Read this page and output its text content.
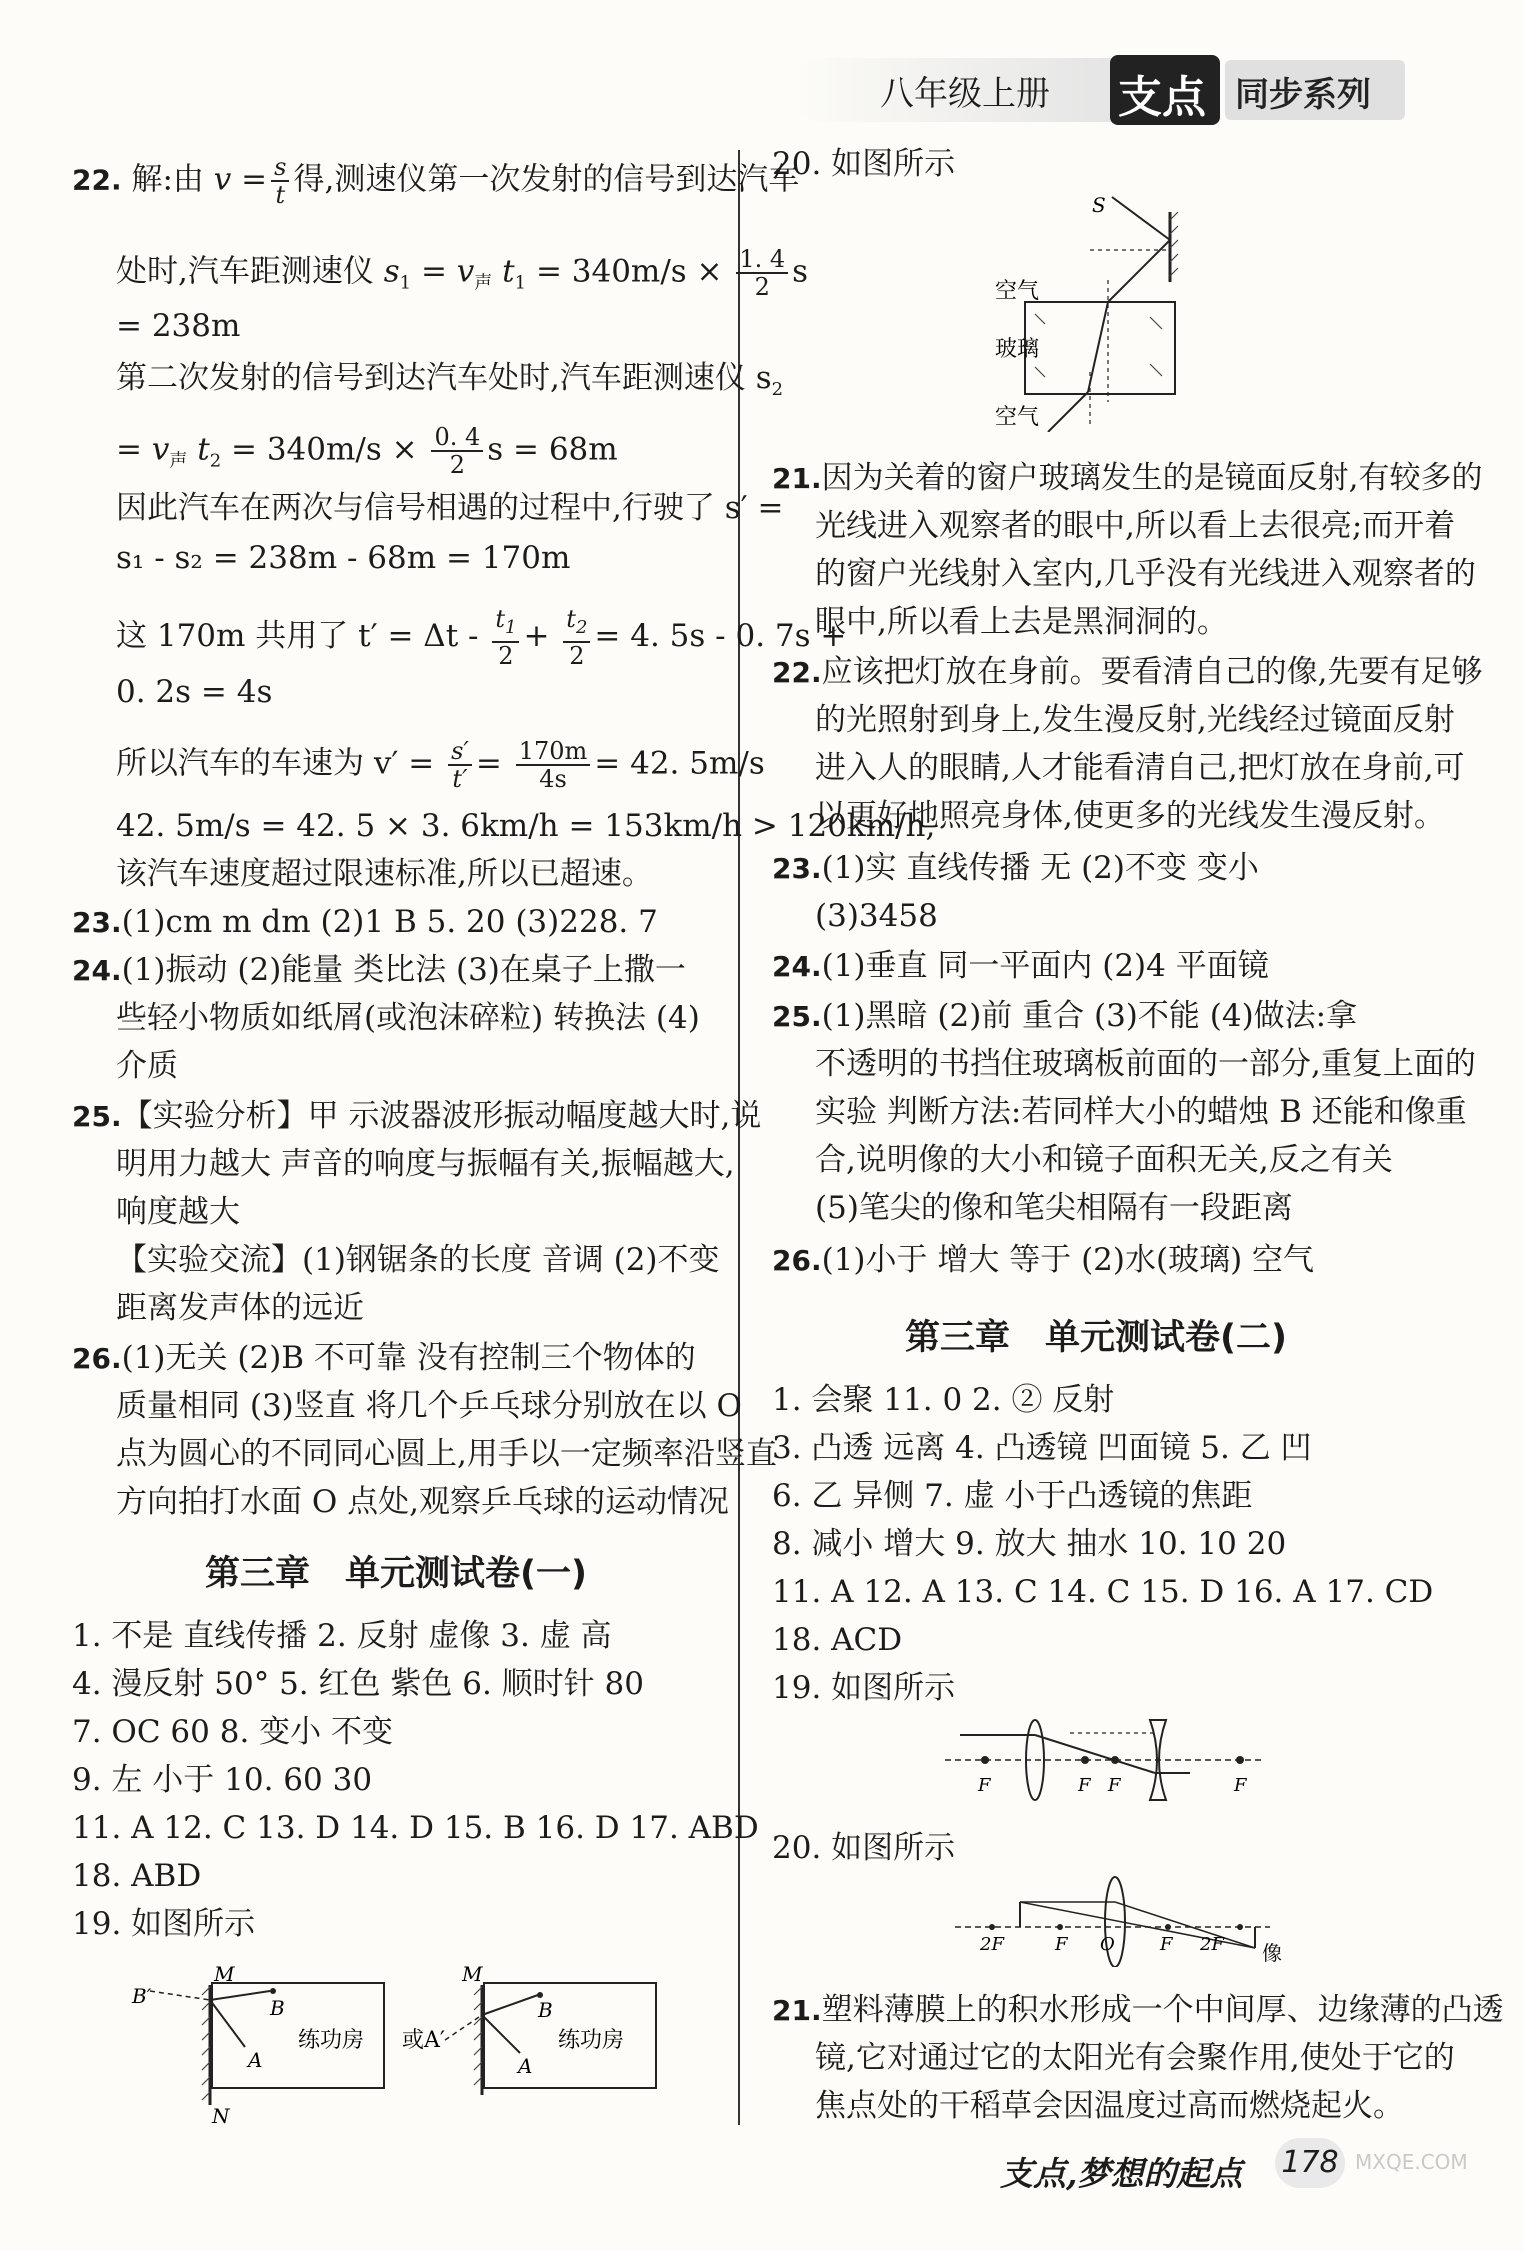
八年级上册 支点 同步系列
22. 解:由 $v = \frac{s}{t}$ 得,测速仪第一次发射的信号到达汽车
处时,汽车距测速仪 $s_1 = v_声$ $t_1 = 340m/s \times \frac{1. 4}{2}$ s
= 238m
第二次发射的信号到达汽车处时,汽车距测速仪 $s_2$
= $v_声$ $t_2 = 340m/s \times \frac{0. 4}{2}$ s = 68m
因此汽车在两次与信号相遇的过程中,行驶了 s′ =
s₁ - s₂ = 238m - 68m = 170m
这 170m 共用了 $t' = \Delta t - \frac{t_1}{2} + \frac{t_2}{2} = 4$. 5s - 0. 7s +
0. 2s = 4s
所以汽车的车速为 $v' = \frac{s'}{t'} = \frac{170m}{4s} = 42$. 5m/s
42. 5m/s = 42. 5 × 3. 6km/h = 153km/h > 120km/h,
该汽车速度超过限速标准,所以已超速。
23.(1)cm m dm (2)1 B 5. 20 (3)228. 7
24.(1)振动 (2)能量 类比法 (3)在桌子上撒一
些轻小物质如纸屑(或泡沫碎粒) 转换法 (4)
介质
25.【实验分析】甲 示波器波形振动幅度越大时,说
明用力越大 声音的响度与振幅有关,振幅越大,
响度越大
【实验交流】(1)钢锯条的长度 音调 (2)不变
距离发声体的远近
26.(1)无关 (2)B 不可靠 没有控制三个物体的
质量相同 (3)竖直 将几个乒乓球分别放在以 O
点为圆心的不同同心圆上,用手以一定频率沿竖直
方向拍打水面 O 点处,观察乒乓球的运动情况
第三章　单元测试卷(一)
1. 不是 直线传播 2. 反射 虚像 3. 虚 高
4. 漫反射 50° 5. 红色 紫色 6. 顺时针 80
7. OC 60 8. 变小 不变
9. 左 小于 10. 60 30
11. A 12. C 13. D 14. D 15. B 16. D 17. ABD
18. ABD
19. 如图所示
M
N
B′	B
A
练功房 或A′
M
B
A
练功房
20. 如图所示
S
空气
玻璃
空气
21.因为关着的窗户玻璃发生的是镜面反射,有较多的
光线进入观察者的眼中,所以看上去很亮;而开着
的窗户光线射入室内,几乎没有光线进入观察者的
眼中,所以看上去是黑洞洞的。
22.应该把灯放在身前。要看清自己的像,先要有足够
的光照射到身上,发生漫反射,光线经过镜面反射
进入人的眼睛,人才能看清自己,把灯放在身前,可
以更好地照亮身体,使更多的光线发生漫反射。
23.(1)实 直线传播 无 (2)不变 变小
(3)3458
24.(1)垂直 同一平面内 (2)4 平面镜
25.(1)黑暗 (2)前 重合 (3)不能 (4)做法:拿
不透明的书挡住玻璃板前面的一部分,重复上面的
实验 判断方法:若同样大小的蜡烛 B 还能和像重
合,说明像的大小和镜子面积无关,反之有关
(5)笔尖的像和笔尖相隔有一段距离
26.(1)小于 增大 等于 (2)水(玻璃) 空气
第三章　单元测试卷(二)
1. 会聚 11. 0 2. ② 反射
3. 凸透 远离 4. 凸透镜 凹面镜 5. 乙 凹
6. 乙 异侧 7. 虚 小于凸透镜的焦距
8. 减小 增大 9. 放大 抽水 10. 10 20
11. A 12. A 13. C 14. C 15. D 16. A 17. CD
18. ACD
19. 如图所示
F	F F	F
20. 如图所示
2F	F O	F 2F 像
21.塑料薄膜上的积水形成一个中间厚、边缘薄的凸透
镜,它对通过它的太阳光有会聚作用,使处于它的
焦点处的干稻草会因温度过高而燃烧起火。
支点,梦想的起点 178 MXQE.COM
